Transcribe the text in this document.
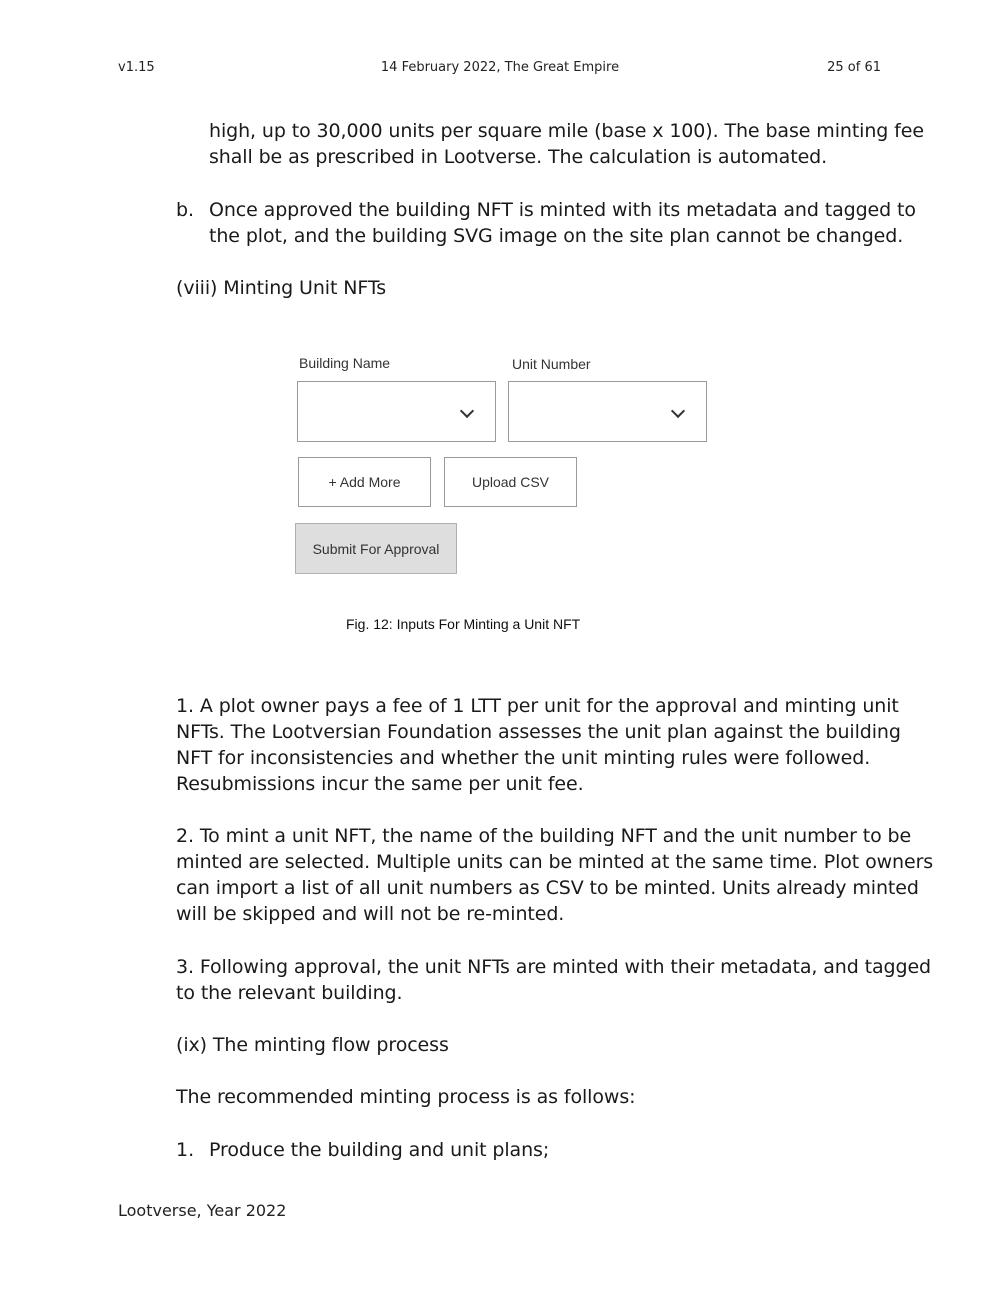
v1.15	14 February 2022, The Great Empire	25 of 61
high, up to 30,000 units per square mile (base x 100). The base minting fee
shall be as prescribed in Lootverse. The calculation is automated.
b. Once approved the building NFT is minted with its metadata and tagged to
the plot, and the building SVG image on the site plan cannot be changed.
(viii) Minting Unit NFTs
Building Name	Unit Number
+ Add More	Upload CSV
Submit For Approval
Fig. 12: Inputs For Minting a Unit NFT
1. A plot owner pays a fee of 1 LTT per unit for the approval and minting unit
NFTs. The Lootversian Foundation assesses the unit plan against the building
NFT for inconsistencies and whether the unit minting rules were followed.
Resubmissions incur the same per unit fee.
2. To mint a unit NFT, the name of the building NFT and the unit number to be
minted are selected. Multiple units can be minted at the same time. Plot owners
can import a list of all unit numbers as CSV to be minted. Units already minted
will be skipped and will not be re-minted.
3. Following approval, the unit NFTs are minted with their metadata, and tagged
to the relevant building.
(ix) The minting flow process
The recommended minting process is as follows:
1. Produce the building and unit plans;
Lootverse, Year 2022
